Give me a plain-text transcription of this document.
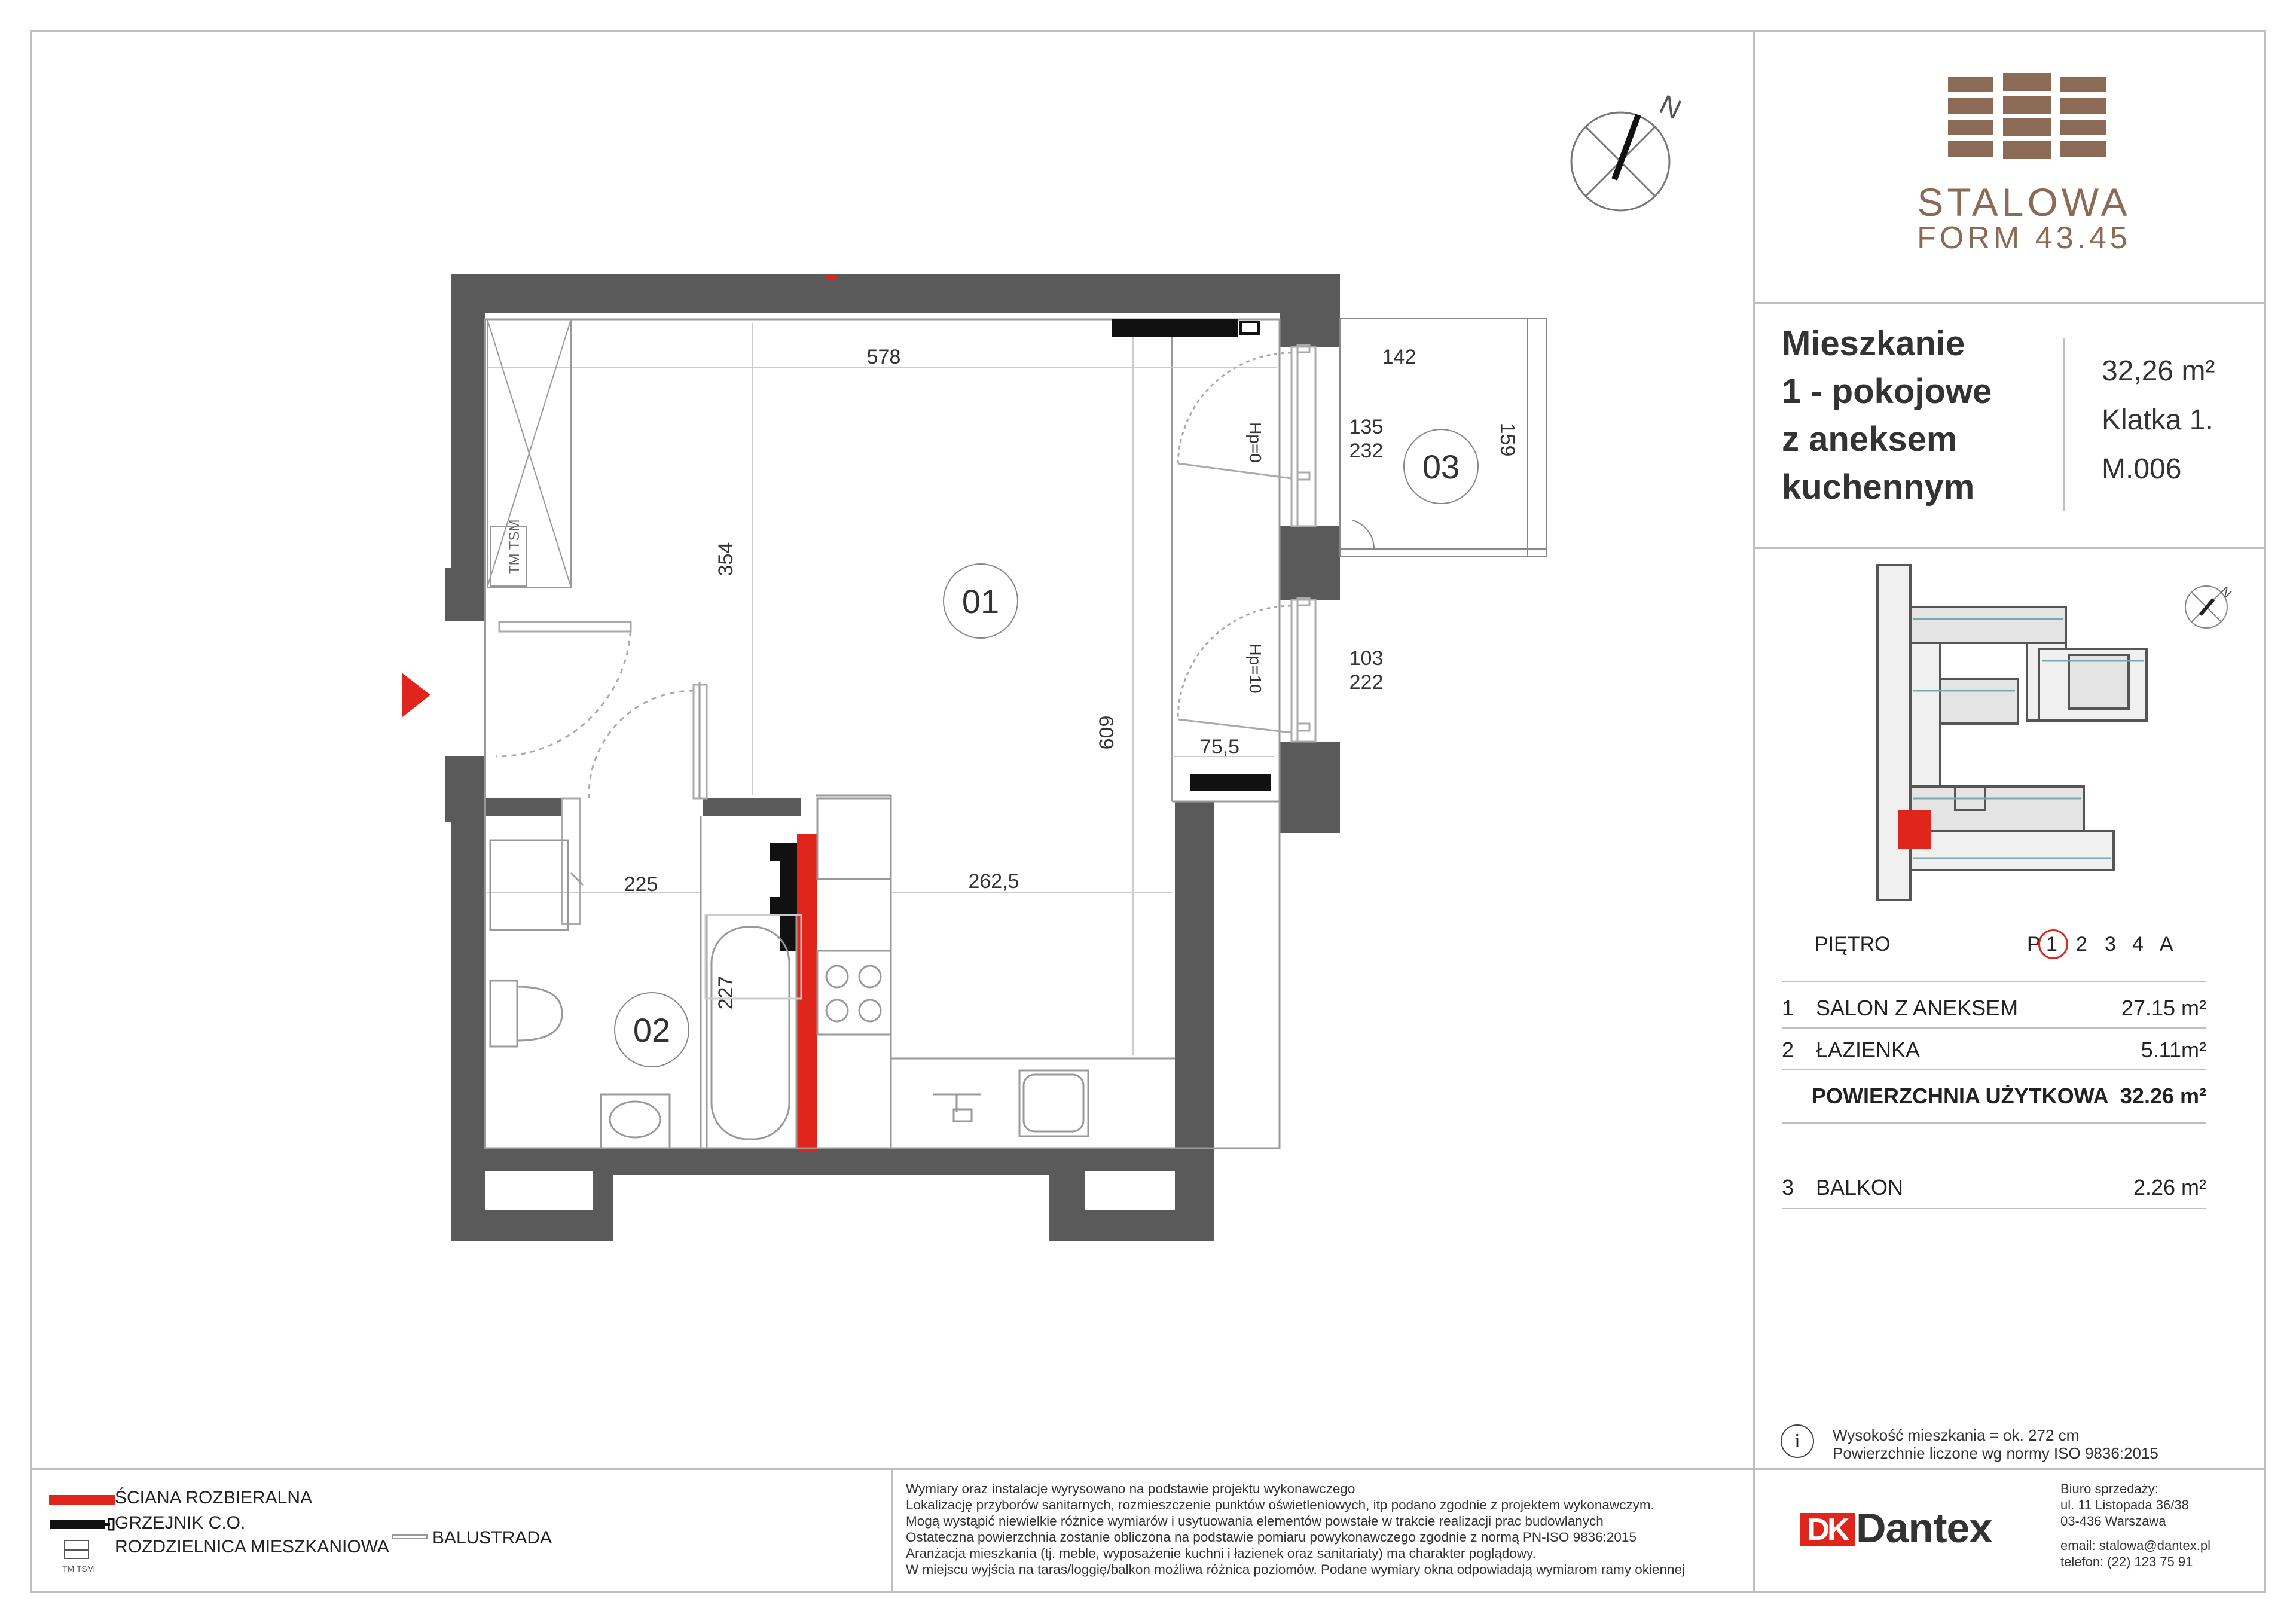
STALOWA
FORM 43.45
Mieszkanie
1 - pokojowe
z aneksem
kuchennym
32,26 m²
Klatka 1.
M.006
N
PIĘTRO	P 1 2 3 4 A
1 SALON Z ANEKSEM	27.15 m²
2 ŁAZIENKA	5.11m²
POWIERZCHNIA UŻYTKOWA 32.26 m²
3 BALKON	2.26 m²
i	Wysokość mieszkania = ok. 272 cm
Powierzchnie liczone wg normy ISO 9836:2015
ŚCIANA ROZBIERALNA
GRZEJNIK C.O.
TM TSM
ROZDZIELNICA MIESZKANIOWA BALUSTRADA
Wymiary oraz instalacje wyrysowano na podstawie projektu wykonawczego
Lokalizację przyborów sanitarnych, rozmieszczenie punktów oświetleniowych, itp podano zgodnie z projektem wykonawczym.
Mogą wystąpić niewielkie różnice wymiarów i usytuowania elementów powstałe w trakcie realizacji prac budowlanych
Ostateczna powierzchnia zostanie obliczona na podstawie pomiaru powykonawczego zgodnie z normą PN-ISO 9836:2015
Aranżacja mieszkania (tj. meble, wyposażenie kuchni i łazienek oraz sanitariaty) ma charakter poglądowy.
W miejscu wyjścia na taras/loggię/balkon możliwa różnica poziomów. Podane wymiary okna odpowiadają wymiarom ramy okiennej
DK Dantex
Biuro sprzedaży:
ul. 11 Listopada 36/38
03-436 Warszawa
email: stalowa@dantex.pl
telefon: (22) 123 75 91
N
TM TSM
01
02
03
578	142
75,5
262,5
225
135
232
103
222
354
609
227
159
Hp=0
Hp=10
